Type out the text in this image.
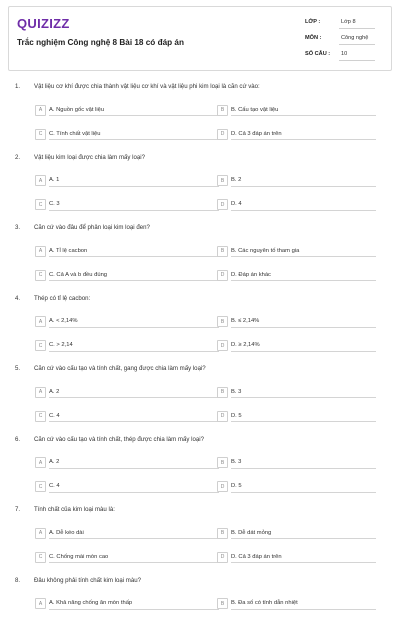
QUIZIZZ
Trắc nghiệm Công nghệ 8 Bài 18 có đáp án
LỚP :	Lớp 8
MÔN :	Công nghệ
SỐ CÂU :	10
1.	Vật liệu cơ khí được chia thành vật liệu cơ khí và vật liệu phi kim loại là căn cứ vào:
A	A. Nguồn gốc vật liệu	B	B. Cấu tạo vật liệu
C	C. Tính chất vật liệu	D	D. Cả 3 đáp án trên
2.	Vật liệu kim loại được chia làm mấy loại?
A	A. 1	B	B. 2
C	C. 3	D	D. 4
3.	Căn cứ vào đâu để phân loại kim loại đen?
A	A. Tỉ lệ cacbon	B	B. Các nguyên tố tham gia
C	C. Cả A và b đều đúng	D	D. Đáp án khác
4.	Thép có tỉ lệ cacbon:
A	A. < 2,14%	B	B. ≤ 2,14%
C	C. > 2,14	D	D. ≥ 2,14%
5.	Căn cứ vào cấu tạo và tính chất, gang được chia làm mấy loại?
A	A. 2	B	B. 3
C	C. 4	D	D. 5
6.	Căn cứ vào cấu tạo và tính chất, thép được chia làm mấy loại?
A	A. 2	B	B. 3
C	C. 4	D	D. 5
7.	Tính chất của kim loại màu là:
A	A. Dễ kéo dài	B	B. Dễ dát mỏng
C	C. Chống mài mòn cao	D	D. Cả 3 đáp án trên
8.	Đâu không phải tính chất kim loại màu?
A	A. Khả năng chống ăn mòn thấp	B	B. Đa số có tính dẫn nhiệt
